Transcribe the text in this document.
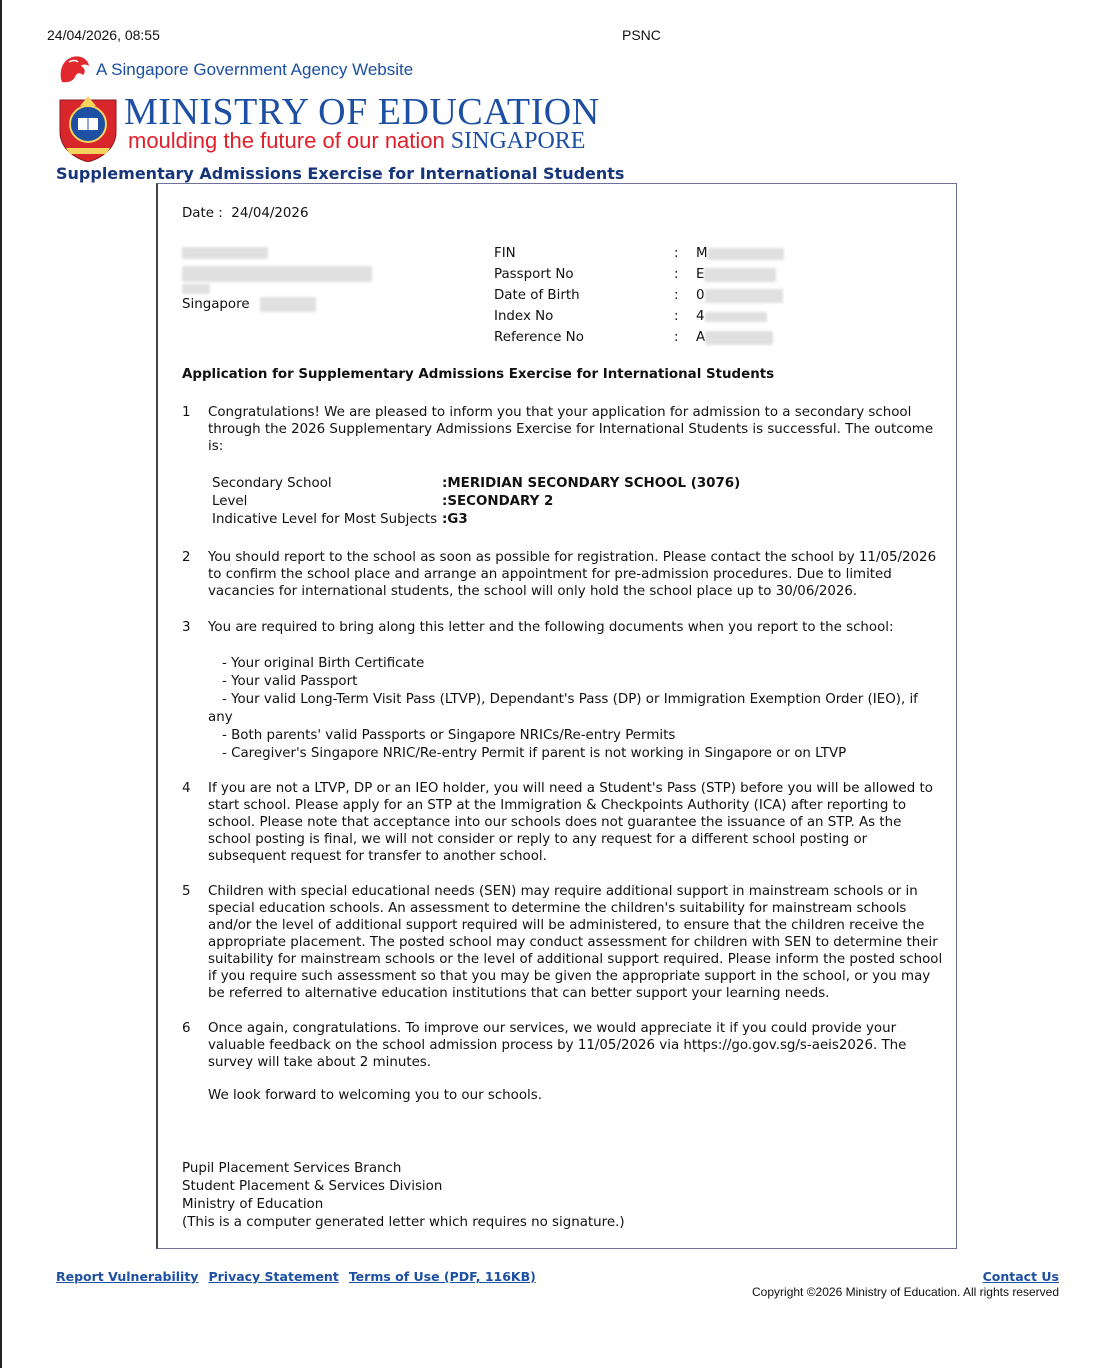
24/04/2026, 08:55	PSNC
A Singapore Government Agency Website
MINISTRY OF EDUCATION
moulding the future of our nation SINGAPORE
Supplementary Admissions Exercise for International Students
Date : 24/04/2026
Singapore
FIN	:	M
Passport No	:	E
Date of Birth	:	0
Index No	:	4
Reference No	:	A
Application for Supplementary Admissions Exercise for International Students
1	Congratulations! We are pleased to inform you that your application for admission to a secondary school through the 2026 Supplementary Admissions Exercise for International Students is successful. The outcome is:
Secondary School	:MERIDIAN SECONDARY SCHOOL (3076)
Level	:SECONDARY 2
Indicative Level for Most Subjects :G3
2	You should report to the school as soon as possible for registration. Please contact the school by 11/05/2026 to confirm the school place and arrange an appointment for pre-admission procedures. Due to limited vacancies for international students, the school will only hold the school place up to 30/06/2026.
3	You are required to bring along this letter and the following documents when you report to the school:
- Your original Birth Certificate
- Your valid Passport
- Your valid Long-Term Visit Pass (LTVP), Dependant's Pass (DP) or Immigration Exemption Order (IEO), if
any
- Both parents' valid Passports or Singapore NRICs/Re-entry Permits
- Caregiver's Singapore NRIC/Re-entry Permit if parent is not working in Singapore or on LTVP
4	If you are not a LTVP, DP or an IEO holder, you will need a Student's Pass (STP) before you will be allowed to start school. Please apply for an STP at the Immigration & Checkpoints Authority (ICA) after reporting to school. Please note that acceptance into our schools does not guarantee the issuance of an STP. As the school posting is final, we will not consider or reply to any request for a different school posting or subsequent request for transfer to another school.
5	Children with special educational needs (SEN) may require additional support in mainstream schools or in special education schools. An assessment to determine the children's suitability for mainstream schools and/or the level of additional support required will be administered, to ensure that the children receive the appropriate placement. The posted school may conduct assessment for children with SEN to determine their suitability for mainstream schools or the level of additional support required. Please inform the posted school if you require such assessment so that you may be given the appropriate support in the school, or you may be referred to alternative education institutions that can better support your learning needs.
6	Once again, congratulations. To improve our services, we would appreciate it if you could provide your valuable feedback on the school admission process by 11/05/2026 via https://go.gov.sg/s-aeis2026. The survey will take about 2 minutes.
We look forward to welcoming you to our schools.
Pupil Placement Services Branch
Student Placement & Services Division
Ministry of Education
(This is a computer generated letter which requires no signature.)
Report Vulnerability Privacy Statement Terms of Use (PDF, 116KB)	Contact Us
Copyright ©2026 Ministry of Education. All rights reserved
